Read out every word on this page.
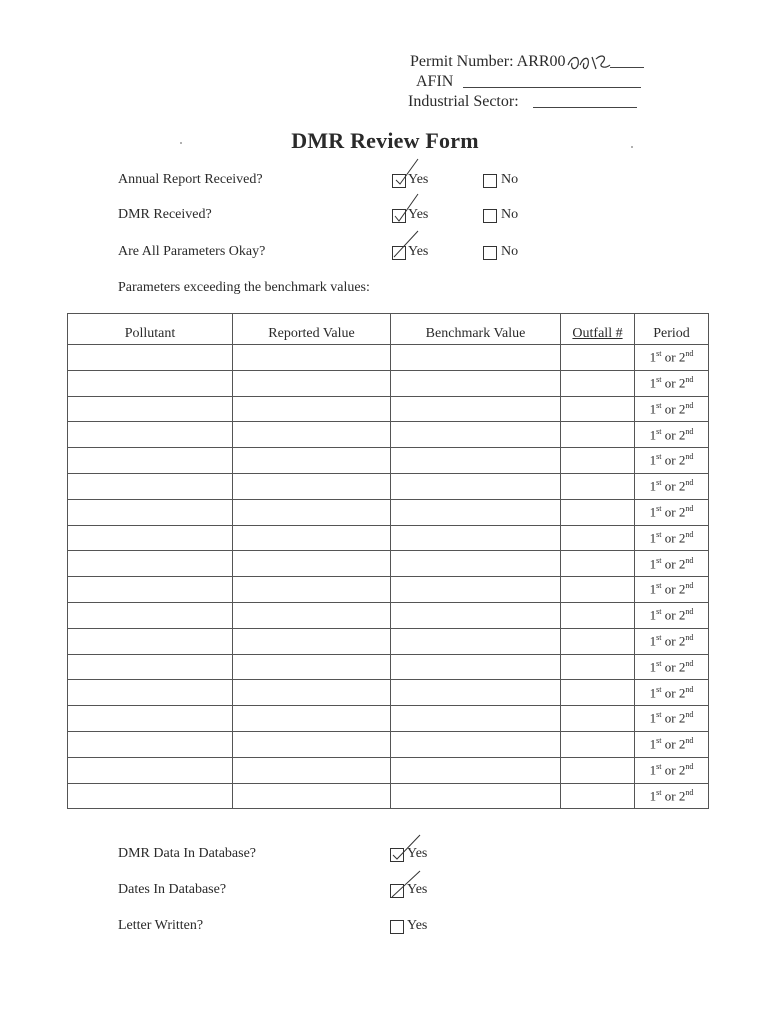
Permit Number: ARR00
AFIN
Industrial Sector:
DMR Review Form
Annual Report Received?	Yes	No
DMR Received?	Yes	No
Are All Parameters Okay?	Yes	No
Parameters exceeding the benchmark values:
Pollutant	Reported Value	Benchmark Value	Outfall #	Period
				1st or 2nd
				1st or 2nd
				1st or 2nd
				1st or 2nd
				1st or 2nd
				1st or 2nd
				1st or 2nd
				1st or 2nd
				1st or 2nd
				1st or 2nd
				1st or 2nd
				1st or 2nd
				1st or 2nd
				1st or 2nd
				1st or 2nd
				1st or 2nd
				1st or 2nd
				1st or 2nd
DMR Data In Database?	Yes
Dates In Database?	Yes
Letter Written?	Yes
